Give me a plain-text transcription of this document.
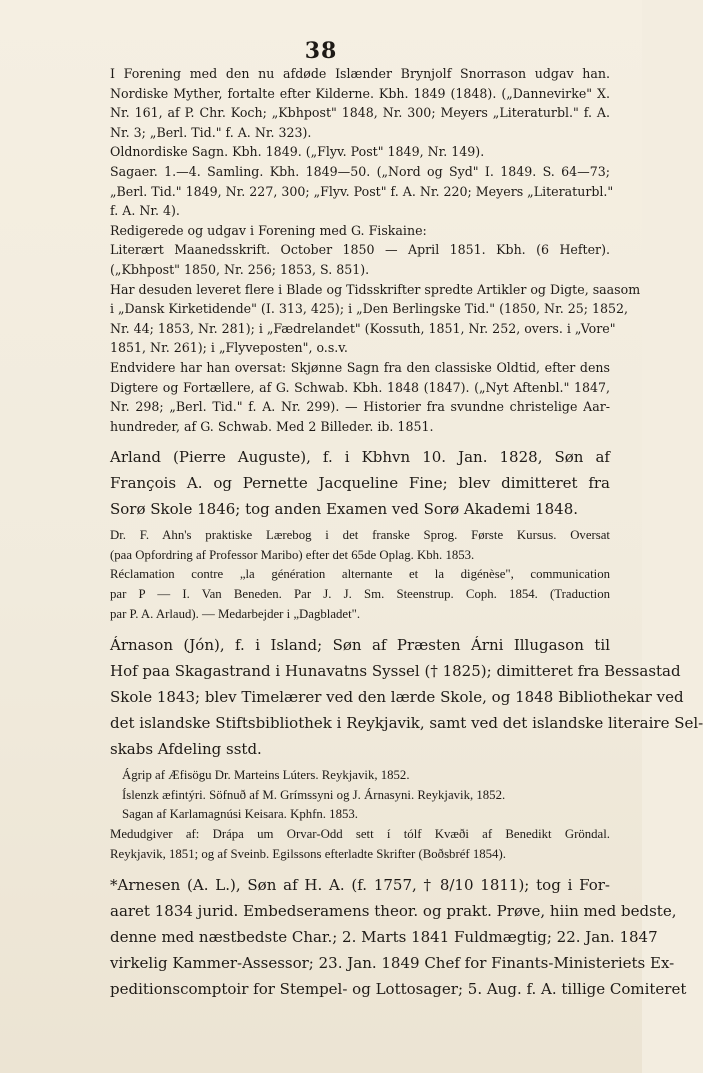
38
I Forening med den nu afdøde Islænder Brynjolf Snorrason udgav han.
Nordiske Myther, fortalte efter Kilderne. Kbh. 1849 (1848). („Dannevirke" X.
Nr. 161, af P. Chr. Koch; „Kbhpost" 1848, Nr. 300; Meyers „Literaturbl." f. A.
Nr. 3; „Berl. Tid." f. A. Nr. 323).
Oldnordiske Sagn. Kbh. 1849. („Flyv. Post" 1849, Nr. 149).
Sagaer. 1.—4. Samling. Kbh. 1849—50. („Nord og Syd" I. 1849. S. 64—73;
„Berl. Tid." 1849, Nr. 227, 300; „Flyv. Post" f. A. Nr. 220; Meyers „Literaturbl."
f. A. Nr. 4).
Redigerede og udgav i Forening med G. Fiskaine:
Literært Maanedsskrift. October 1850 — April 1851. Kbh. (6 Hefter).
(„Kbhpost" 1850, Nr. 256; 1853, S. 851).
Har desuden leveret flere i Blade og Tidsskrifter spredte Artikler og Digte, saasom
i „Dansk Kirketidende" (I. 313, 425); i „Den Berlingske Tid." (1850, Nr. 25; 1852,
Nr. 44; 1853, Nr. 281); i „Fædrelandet" (Kossuth, 1851, Nr. 252, overs. i „Vore"
1851, Nr. 261); i „Flyveposten", o.s.v.
Endvidere har han oversat: Skjønne Sagn fra den classiske Oldtid, efter dens
Digtere og Fortællere, af G. Schwab. Kbh. 1848 (1847). („Nyt Aftenbl." 1847,
Nr. 298; „Berl. Tid." f. A. Nr. 299). — Historier fra svundne christelige Aar-
hundreder, af G. Schwab. Med 2 Billeder. ib. 1851.
Arland (Pierre Auguste), f. i Kbhvn 10. Jan. 1828, Søn af
François A. og Pernette Jacqueline Fine; blev dimitteret fra
Sorø Skole 1846; tog anden Examen ved Sorø Akademi 1848.
Dr. F. Ahn's praktiske Lærebog i det franske Sprog. Første Kursus. Oversat
(paa Opfordring af Professor Maribo) efter det 65de Oplag. Kbh. 1853.
Réclamation contre „la génération alternante et la digénèse", communication
par P — I. Van Beneden. Par J. J. Sm. Steenstrup. Coph. 1854. (Traduction
par P. A. Arlaud). — Medarbejder i „Dagbladet".
Árnason (Jón), f. i Island; Søn af Præsten Árni Illugason til
Hof paa Skagastrand i Hunavatns Syssel († 1825); dimitteret fra Bessastad
Skole 1843; blev Timelærer ved den lærde Skole, og 1848 Bibliothekar ved
det islandske Stiftsbibliothek i Reykjavik, samt ved det islandske literaire Sel-
skabs Afdeling sstd.
Ágrip af Æfisögu Dr. Marteins Lúters. Reykjavik, 1852.
Íslenzk æfintýri. Söfnuð af M. Grímssyni og J. Árnasyni. Reykjavik, 1852.
Sagan af Karlamagnúsi Keisara. Kphfn. 1853.
Medudgiver af: Drápa um Orvar-Odd sett í tólf Kvæði af Benedikt Gröndal.
Reykjavik, 1851; og af Sveinb. Egilssons efterladte Skrifter (Boðsbréf 1854).
*Arnesen (A. L.), Søn af H. A. (f. 1757, † 8/10 1811); tog i For-
aaret 1834 jurid. Embedseramens theor. og prakt. Prøve, hiin med bedste,
denne med næstbedste Char.; 2. Marts 1841 Fuldmægtig; 22. Jan. 1847
virkelig Kammer-Assessor; 23. Jan. 1849 Chef for Finants-Ministeriets Ex-
peditionscomptoir for Stempel- og Lottosager; 5. Aug. f. A. tillige Comiteret
